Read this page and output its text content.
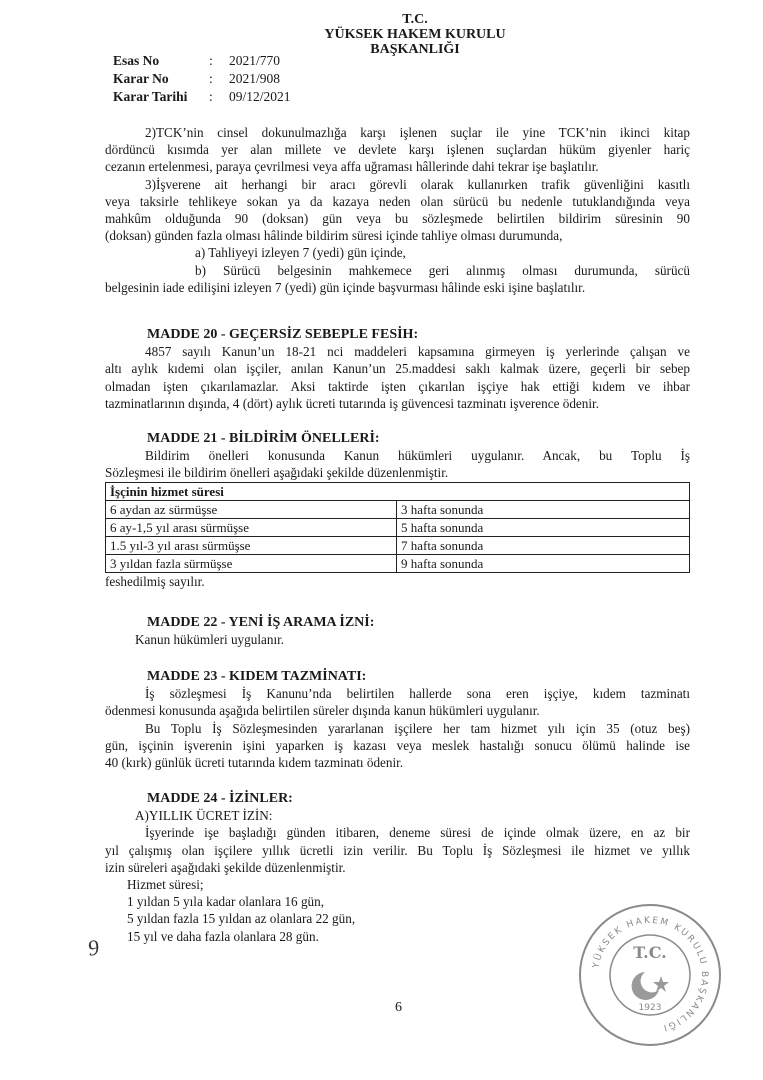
T.C.
YÜKSEK HAKEM KURULU
BAŞKANLIĞI
Esas No	:	2021/770
Karar No	:	2021/908
Karar Tarihi	:	09/12/2021

2)TCK’nin cinsel dokunulmazlığa karşı işlenen suçlar ile yine TCK’nin ikinci kitap

dördüncü kısımda yer alan millete ve devlete karşı işlenen suçlardan hüküm giyenler hariç

cezanın ertelenmesi, paraya çevrilmesi veya affa uğraması hâllerinde dahi tekrar işe başlatılır.

3)İşverene ait herhangi bir aracı görevli olarak kullanırken trafik güvenliğini kasıtlı

veya taksirle tehlikeye sokan ya da kazaya neden olan sürücü bu nedenle tutuklandığında veya

mahkûm olduğunda 90 (doksan) gün veya bu sözleşmede belirtilen bildirim süresinin 90

(doksan) günden fazla olması hâlinde bildirim süresi içinde tahliye olması durumunda,

a) Tahliyeyi izleyen 7 (yedi) gün içinde,

b) Sürücü belgesinin mahkemecе geri alınmış olması durumunda, sürücü

belgesinin iade edilişini izleyen 7 (yedi) gün içinde başvurması hâlinde eski işine başlatılır.

MADDE 20 - GEÇERSİZ SEBEPLE FESİH:

4857 sayılı Kanun’un 18-21 nci maddeleri kapsamına girmeyen iş yerlerinde çalışan ve

altı aylık kıdemi olan işçiler, anılan Kanun’un 25.maddesi saklı kalmak üzere, geçerli bir sebep

olmadan işten çıkarılamazlar. Aksi taktirde işten çıkarılan işçiye hak ettiği kıdem ve ihbar

tazminatlarının dışında, 4 (dört) aylık ücreti tutarında iş güvencesi tazminatı işverence ödenir.

MADDE 21 - BİLDİRİM ÖNELLERİ:

Bildirim önelleri konusunda Kanun hükümleri uygulanır. Ancak, bu Toplu İş

Sözleşmesi ile bildirim önelleri aşağıdaki şekilde düzenlenmiştir.

İşçinin hizmet süresi	
6 aydan az sürmüşse	3 hafta sonunda
6 ay-1,5 yıl arası sürmüşse	5 hafta sonunda
1.5 yıl-3 yıl arası sürmüşse	7 hafta sonunda
3 yıldan fazla sürmüşse	9 hafta sonunda

feshedilmiş sayılır.

MADDE 22 - YENİ İŞ ARAMA İZNİ:

Kanun hükümleri uygulanır.

MADDE 23 - KIDEM TAZMİNATI:

İş sözleşmesi İş Kanunu’nda belirtilen hallerde sona eren işçiye, kıdem tazminatı

ödenmesi konusunda aşağıda belirtilen süreler dışında kanun hükümleri uygulanır.

Bu Toplu İş Sözleşmesinden yararlanan işçilere her tam hizmet yılı için 35 (otuz beş)

gün, işçinin işverenin işini yaparken iş kazası veya meslek hastalığı sonucu ölümü halinde ise

40 (kırk) günlük ücreti tutarında kıdem tazminatı ödenir.

MADDE 24 - İZİNLER:

A)YILLIK ÜCRET İZİN:

İşyerinde işe başladığı günden itibaren, deneme süresi de içinde olmak üzere, en az bir

yıl çalışmış olan işçilere yıllık ücretli izin verilir. Bu Toplu İş Sözleşmesi ile hizmet ve yıllık

izin süreleri aşağıdaki şekilde düzenlenmiştir.

Hizmet süresi;

1 yıldan 5 yıla kadar olanlara 16 gün,

5 yıldan fazla 15 yıldan az olanlara 22 gün,

15 yıl ve daha fazla olanlara 28 gün.

9
6
YÜKSEK HAKEM KURULU BAŞKANLIĞI
T.C.
1923
